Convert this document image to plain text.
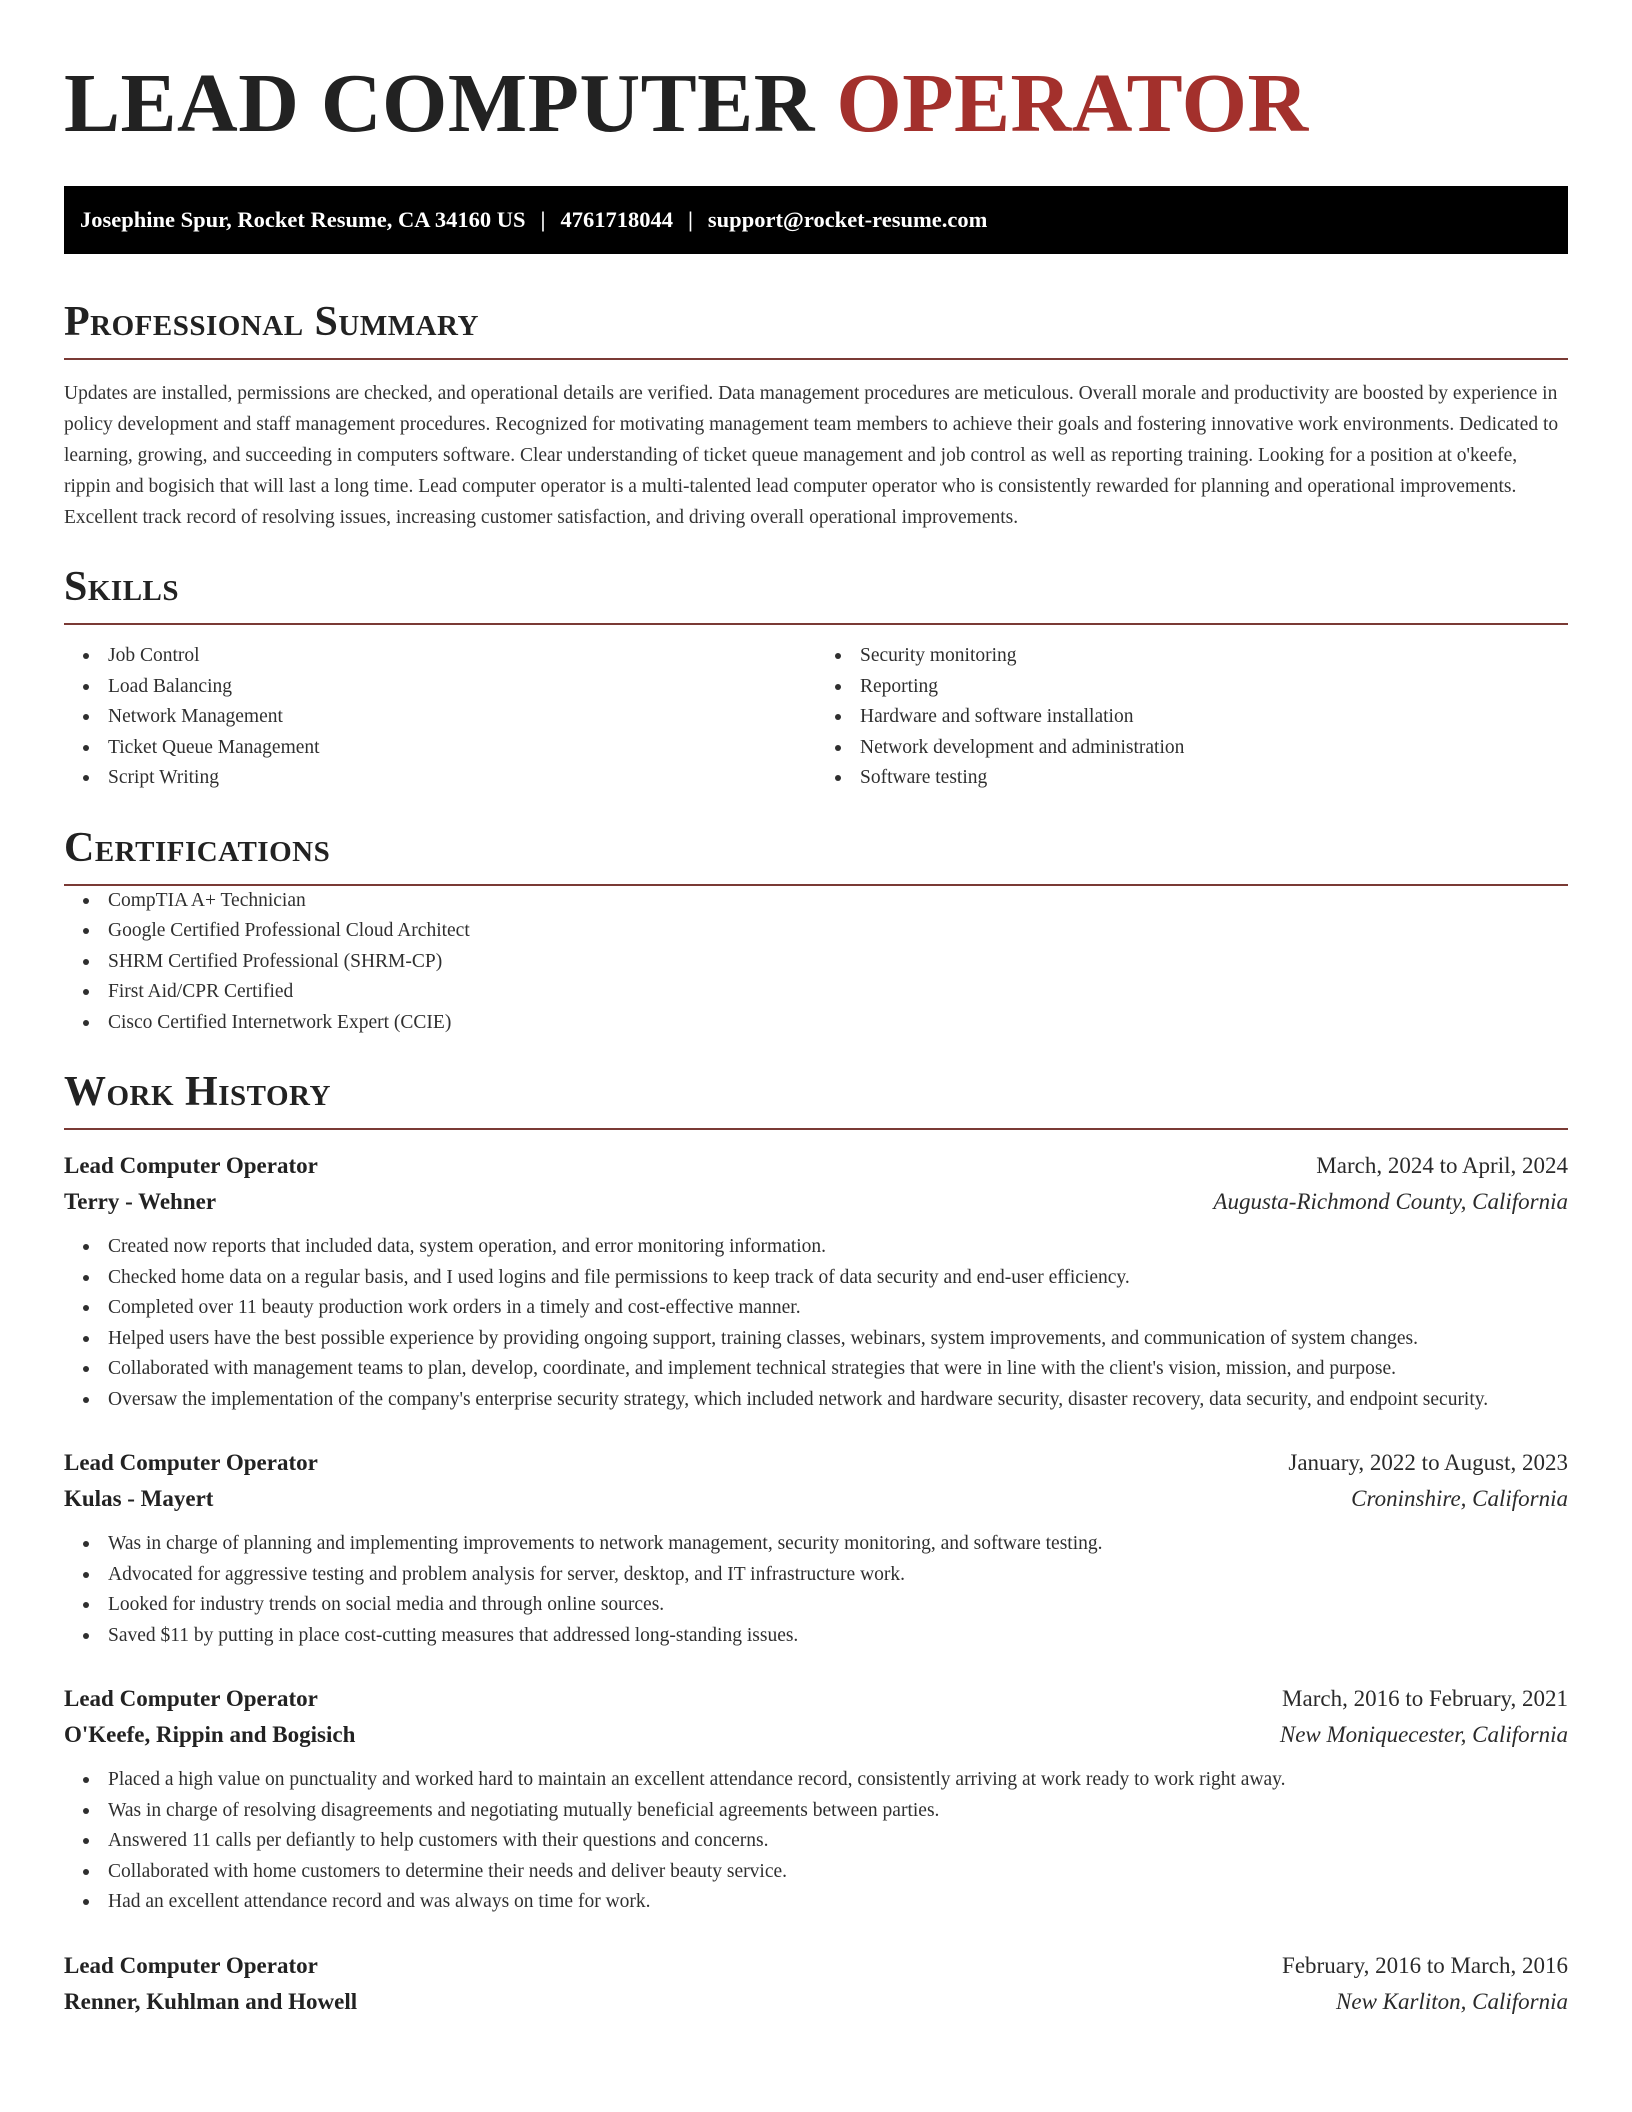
LEAD COMPUTER OPERATOR
Josephine Spur, Rocket Resume, CA 34160 US | 4761718044 | support@rocket-resume.com
Professional Summary

Updates are installed, permissions are checked, and operational details are verified. Data management procedures are meticulous. Overall morale and productivity are boosted by experience in policy development and staff management procedures. Recognized for motivating management team members to achieve their goals and fostering innovative work environments. Dedicated to learning, growing, and succeeding in computers software. Clear understanding of ticket queue management and job control as well as reporting training. Looking for a position at o'keefe, rippin and bogisich that will last a long time. Lead computer operator is a multi-talented lead computer operator who is consistently rewarded for planning and operational improvements. Excellent track record of resolving issues, increasing customer satisfaction, and driving overall operational improvements.

Skills
Job Control
Load Balancing
Network Management
Ticket Queue Management
Script Writing
Security monitoring
Reporting
Hardware and software installation
Network development and administration
Software testing
Certifications
CompTIA A+ Technician
Google Certified Professional Cloud Architect
SHRM Certified Professional (SHRM-CP)
First Aid/CPR Certified
Cisco Certified Internetwork Expert (CCIE)
Work History
Lead Computer Operator	March, 2024 to April, 2024
Terry - Wehner	Augusta-Richmond County, California
Created now reports that included data, system operation, and error monitoring information.
Checked home data on a regular basis, and I used logins and file permissions to keep track of data security and end-user efficiency.
Completed over 11 beauty production work orders in a timely and cost-effective manner.
Helped users have the best possible experience by providing ongoing support, training classes, webinars, system improvements, and communication of system changes.
Collaborated with management teams to plan, develop, coordinate, and implement technical strategies that were in line with the client's vision, mission, and purpose.
Oversaw the implementation of the company's enterprise security strategy, which included network and hardware security, disaster recovery, data security, and endpoint security.
Lead Computer Operator	January, 2022 to August, 2023
Kulas - Mayert	Croninshire, California
Was in charge of planning and implementing improvements to network management, security monitoring, and software testing.
Advocated for aggressive testing and problem analysis for server, desktop, and IT infrastructure work.
Looked for industry trends on social media and through online sources.
Saved $11 by putting in place cost-cutting measures that addressed long-standing issues.
Lead Computer Operator	March, 2016 to February, 2021
O'Keefe, Rippin and Bogisich	New Moniquecester, California
Placed a high value on punctuality and worked hard to maintain an excellent attendance record, consistently arriving at work ready to work right away.
Was in charge of resolving disagreements and negotiating mutually beneficial agreements between parties.
Answered 11 calls per defiantly to help customers with their questions and concerns.
Collaborated with home customers to determine their needs and deliver beauty service.
Had an excellent attendance record and was always on time for work.
Lead Computer Operator	February, 2016 to March, 2016
Renner, Kuhlman and Howell	New Karliton, California
